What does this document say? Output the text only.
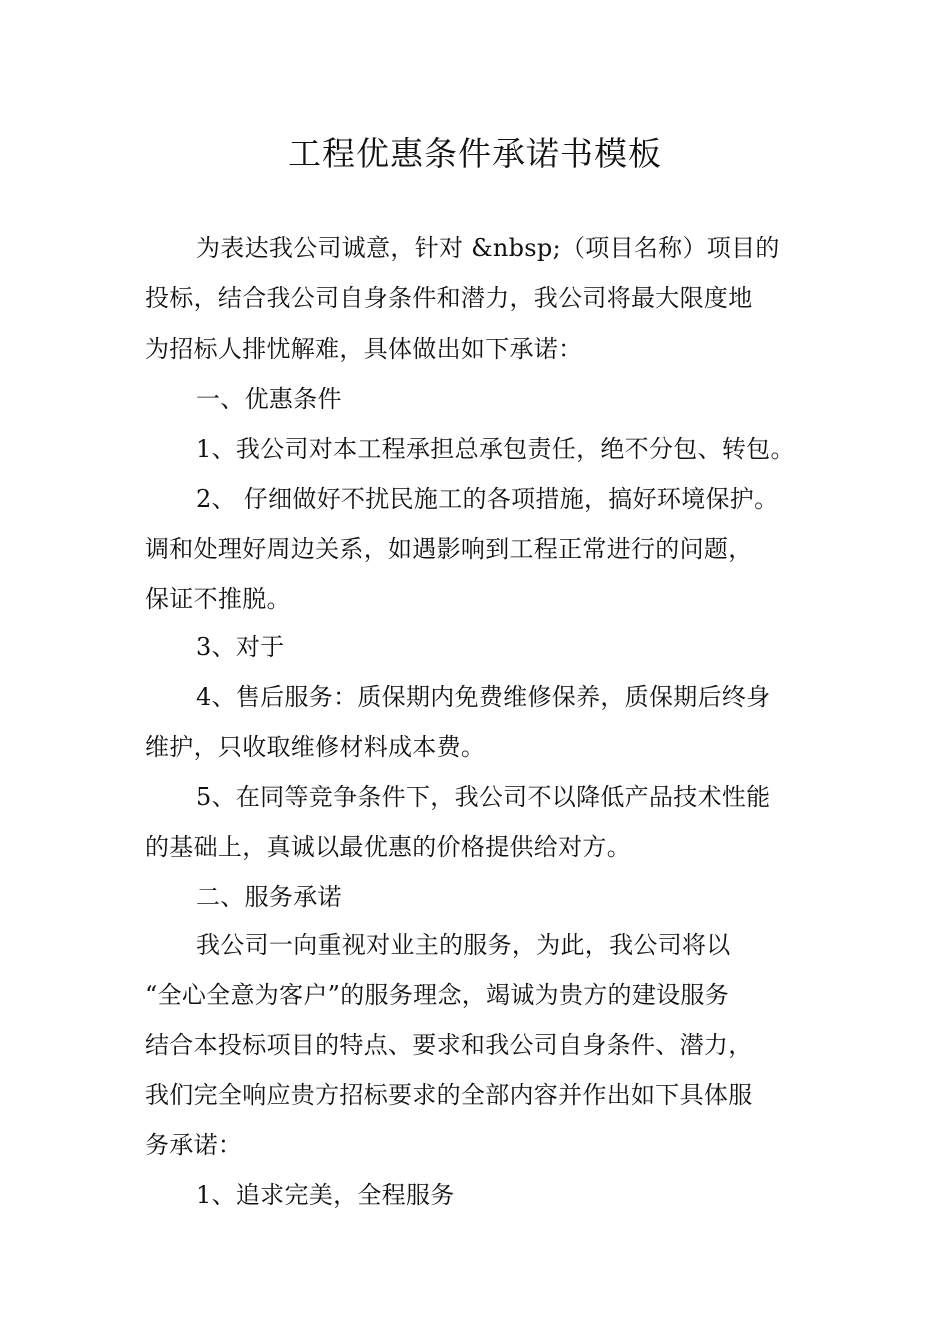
工程优惠条件承诺书模板
为表达我公司诚意，针对 &nbsp;（项目名称）项目的
投标，结合我公司自身条件和潜力，我公司将最大限度地
为招标人排忧解难，具体做出如下承诺：
一、优惠条件
1、我公司对本工程承担总承包责任，绝不分包、转包。
2、 仔细做好不扰民施工的各项措施，搞好环境保护。
调和处理好周边关系，如遇影响到工程正常进行的问题，
保证不推脱。
3、对于
4、售后服务：质保期内免费维修保养，质保期后终身
维护，只收取维修材料成本费。
5、在同等竞争条件下，我公司不以降低产品技术性能
的基础上，真诚以最优惠的价格提供给对方。
二、服务承诺
我公司一向重视对业主的服务，为此，我公司将以
“全心全意为客户”的服务理念，竭诚为贵方的建设服务
结合本投标项目的特点、要求和我公司自身条件、潜力，
我们完全响应贵方招标要求的全部内容并作出如下具体服
务承诺：
1、追求完美，全程服务
